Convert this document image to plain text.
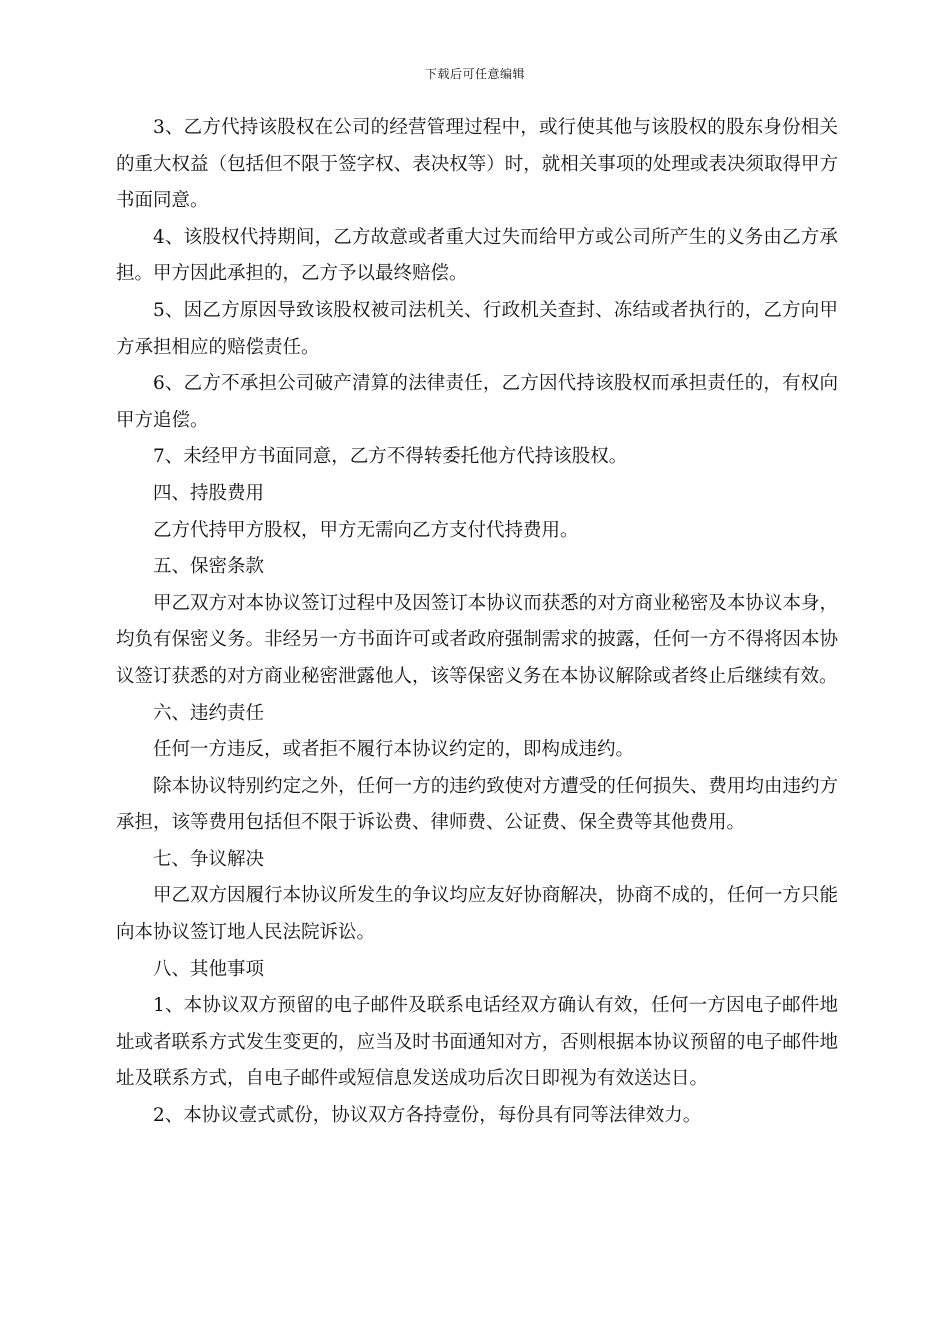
下载后可任意编辑

3、乙方代持该股权在公司的经营管理过程中，或行使其他与该股权的股东身份相关的重大权益（包括但不限于签字权、表决权等）时，就相关事项的处理或表决须取得甲方书面同意。

4、该股权代持期间，乙方故意或者重大过失而给甲方或公司所产生的义务由乙方承担。甲方因此承担的，乙方予以最终赔偿。

5、因乙方原因导致该股权被司法机关、行政机关查封、冻结或者执行的，乙方向甲方承担相应的赔偿责任。

6、乙方不承担公司破产清算的法律责任，乙方因代持该股权而承担责任的，有权向甲方追偿。

7、未经甲方书面同意，乙方不得转委托他方代持该股权。

四、持股费用

乙方代持甲方股权，甲方无需向乙方支付代持费用。

五、保密条款

甲乙双方对本协议签订过程中及因签订本协议而获悉的对方商业秘密及本协议本身，均负有保密义务。非经另一方书面许可或者政府强制需求的披露，任何一方不得将因本协议签订获悉的对方商业秘密泄露他人，该等保密义务在本协议解除或者终止后继续有效。

六、违约责任

任何一方违反，或者拒不履行本协议约定的，即构成违约。

除本协议特别约定之外，任何一方的违约致使对方遭受的任何损失、费用均由违约方承担，该等费用包括但不限于诉讼费、律师费、公证费、保全费等其他费用。

七、争议解决

甲乙双方因履行本协议所发生的争议均应友好协商解决，协商不成的，任何一方只能向本协议签订地人民法院诉讼。

八、其他事项

1、本协议双方预留的电子邮件及联系电话经双方确认有效，任何一方因电子邮件地址或者联系方式发生变更的，应当及时书面通知对方，否则根据本协议预留的电子邮件地址及联系方式，自电子邮件或短信息发送成功后次日即视为有效送达日。

2、本协议壹式贰份，协议双方各持壹份，每份具有同等法律效力。
